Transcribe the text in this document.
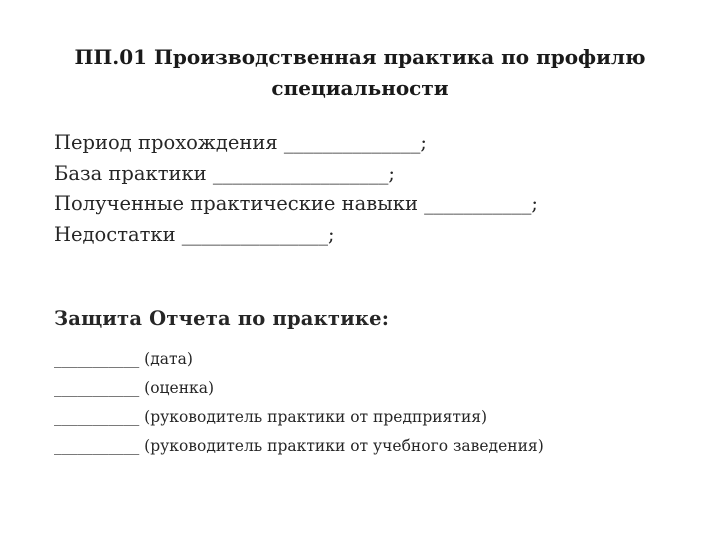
ПП.01 Производственная практика по профилю
специальности
Период прохождения ______________;
База практики __________________;
Полученные практические навыки ___________;
Недостатки _______________;
Защита Отчета по практике:
___________ (дата)
___________ (оценка)
___________ (руководитель практики от предприятия)
___________ (руководитель практики от учебного заведения)
